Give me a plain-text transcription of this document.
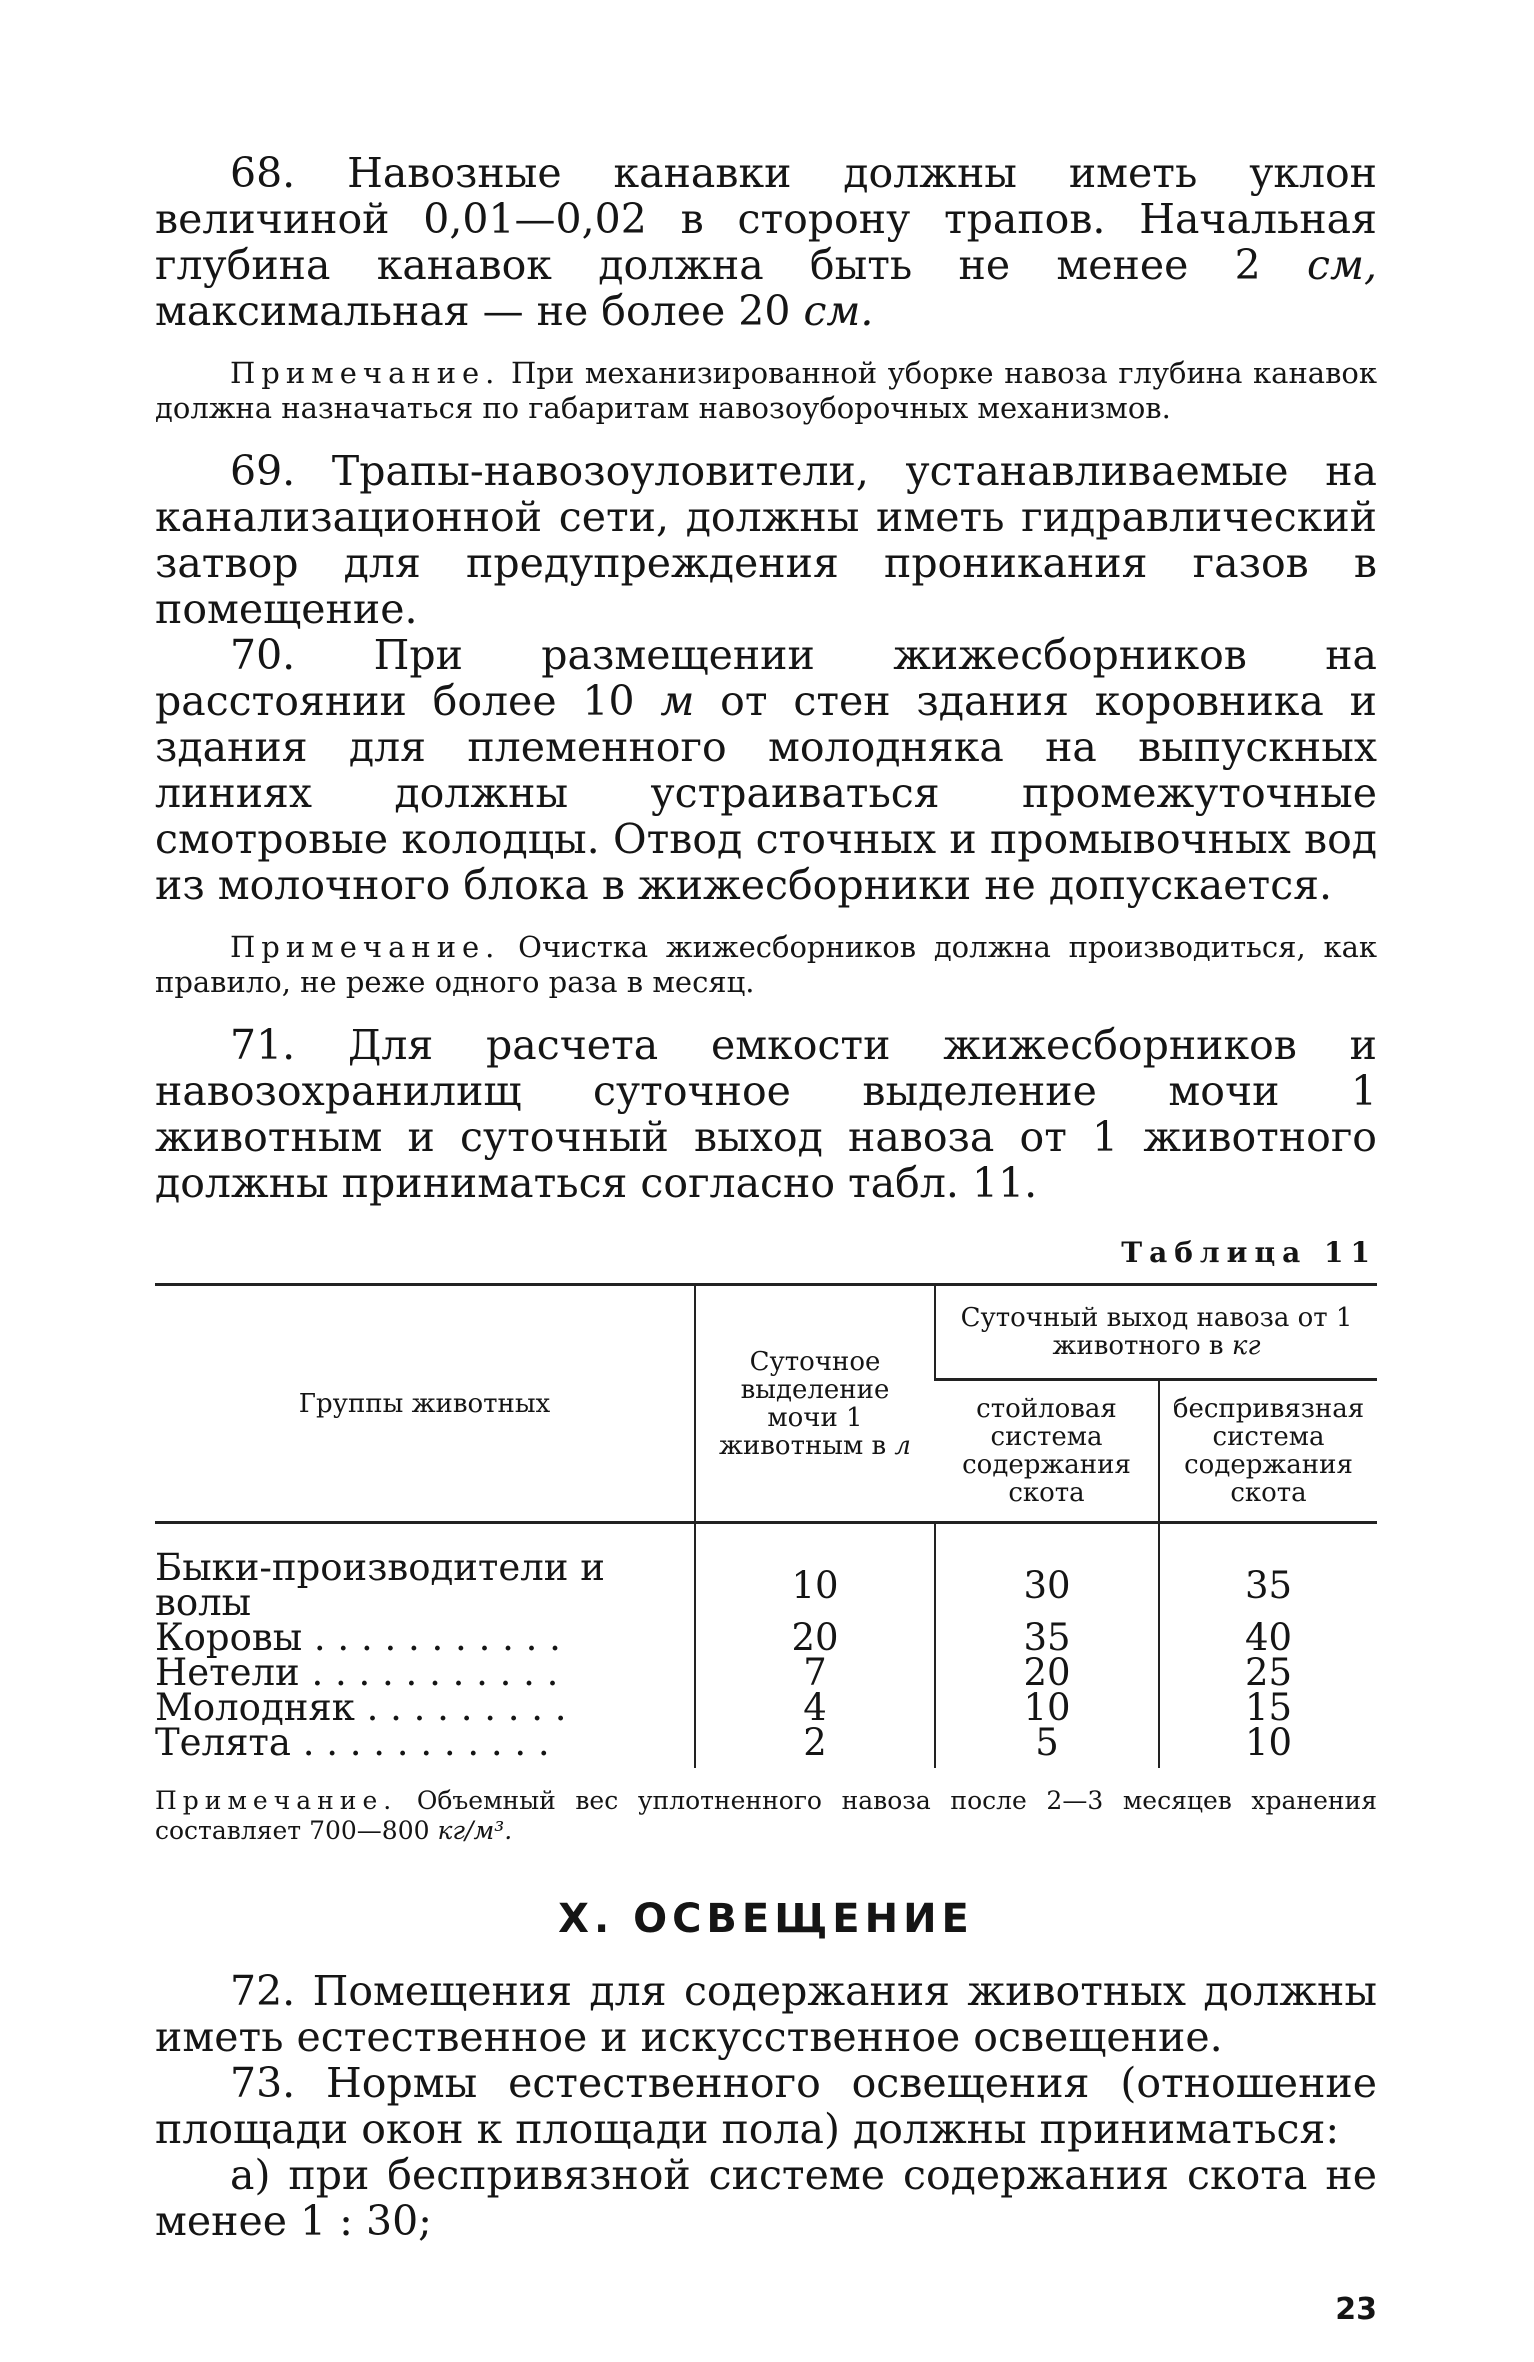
68. Навозные канавки должны иметь уклон величиной 0,01—0,02 в сторону трапов. Начальная глубина канавок должна быть не менее 2 см, максимальная — не более 20 см.

Примечание. При механизированной уборке навоза глубина канавок должна назначаться по габаритам навозоуборочных механизмов.

69. Трапы-навозоуловители, устанавливаемые на канализационной сети, должны иметь гидравлический затвор для предупреждения проникания газов в помещение.

70. При размещении жижесборников на расстоянии более 10 м от стен здания коровника и здания для племенного молодняка на выпускных линиях должны устраиваться промежуточные смотровые колодцы. Отвод сточных и промывочных вод из молочного блока в жижесборники не допускается.

Примечание. Очистка жижесборников должна производиться, как правило, не реже одного раза в месяц.

71. Для расчета емкости жижесборников и навозохранилищ суточное выделение мочи 1 животным и суточный выход навоза от 1 животного должны приниматься согласно табл. 11.

Таблица 11
Группы животных	Суточное выделение мочи 1 животным в л	Суточный выход навоза от 1 животного в кг	
		стойловая система содержания скота	беспривязная система содержания скота
Быки-производители и волы	10	30	35
Коровы . . . . . . . . . . .	20	35	40
Нетели . . . . . . . . . . .	7	20	25
Молодняк . . . . . . . . .	4	10	15
Телята . . . . . . . . . . .	2	5	10

Примечание. Объемный вес уплотненного навоза после 2—3 месяцев хранения составляет 700—800 кг/м³.

X. ОСВЕЩЕНИЕ

72. Помещения для содержания животных должны иметь естественное и искусственное освещение.

73. Нормы естественного освещения (отношение площади окон к площади пола) должны приниматься:

а) при беспривязной системе содержания скота не менее 1 : 30;

23
